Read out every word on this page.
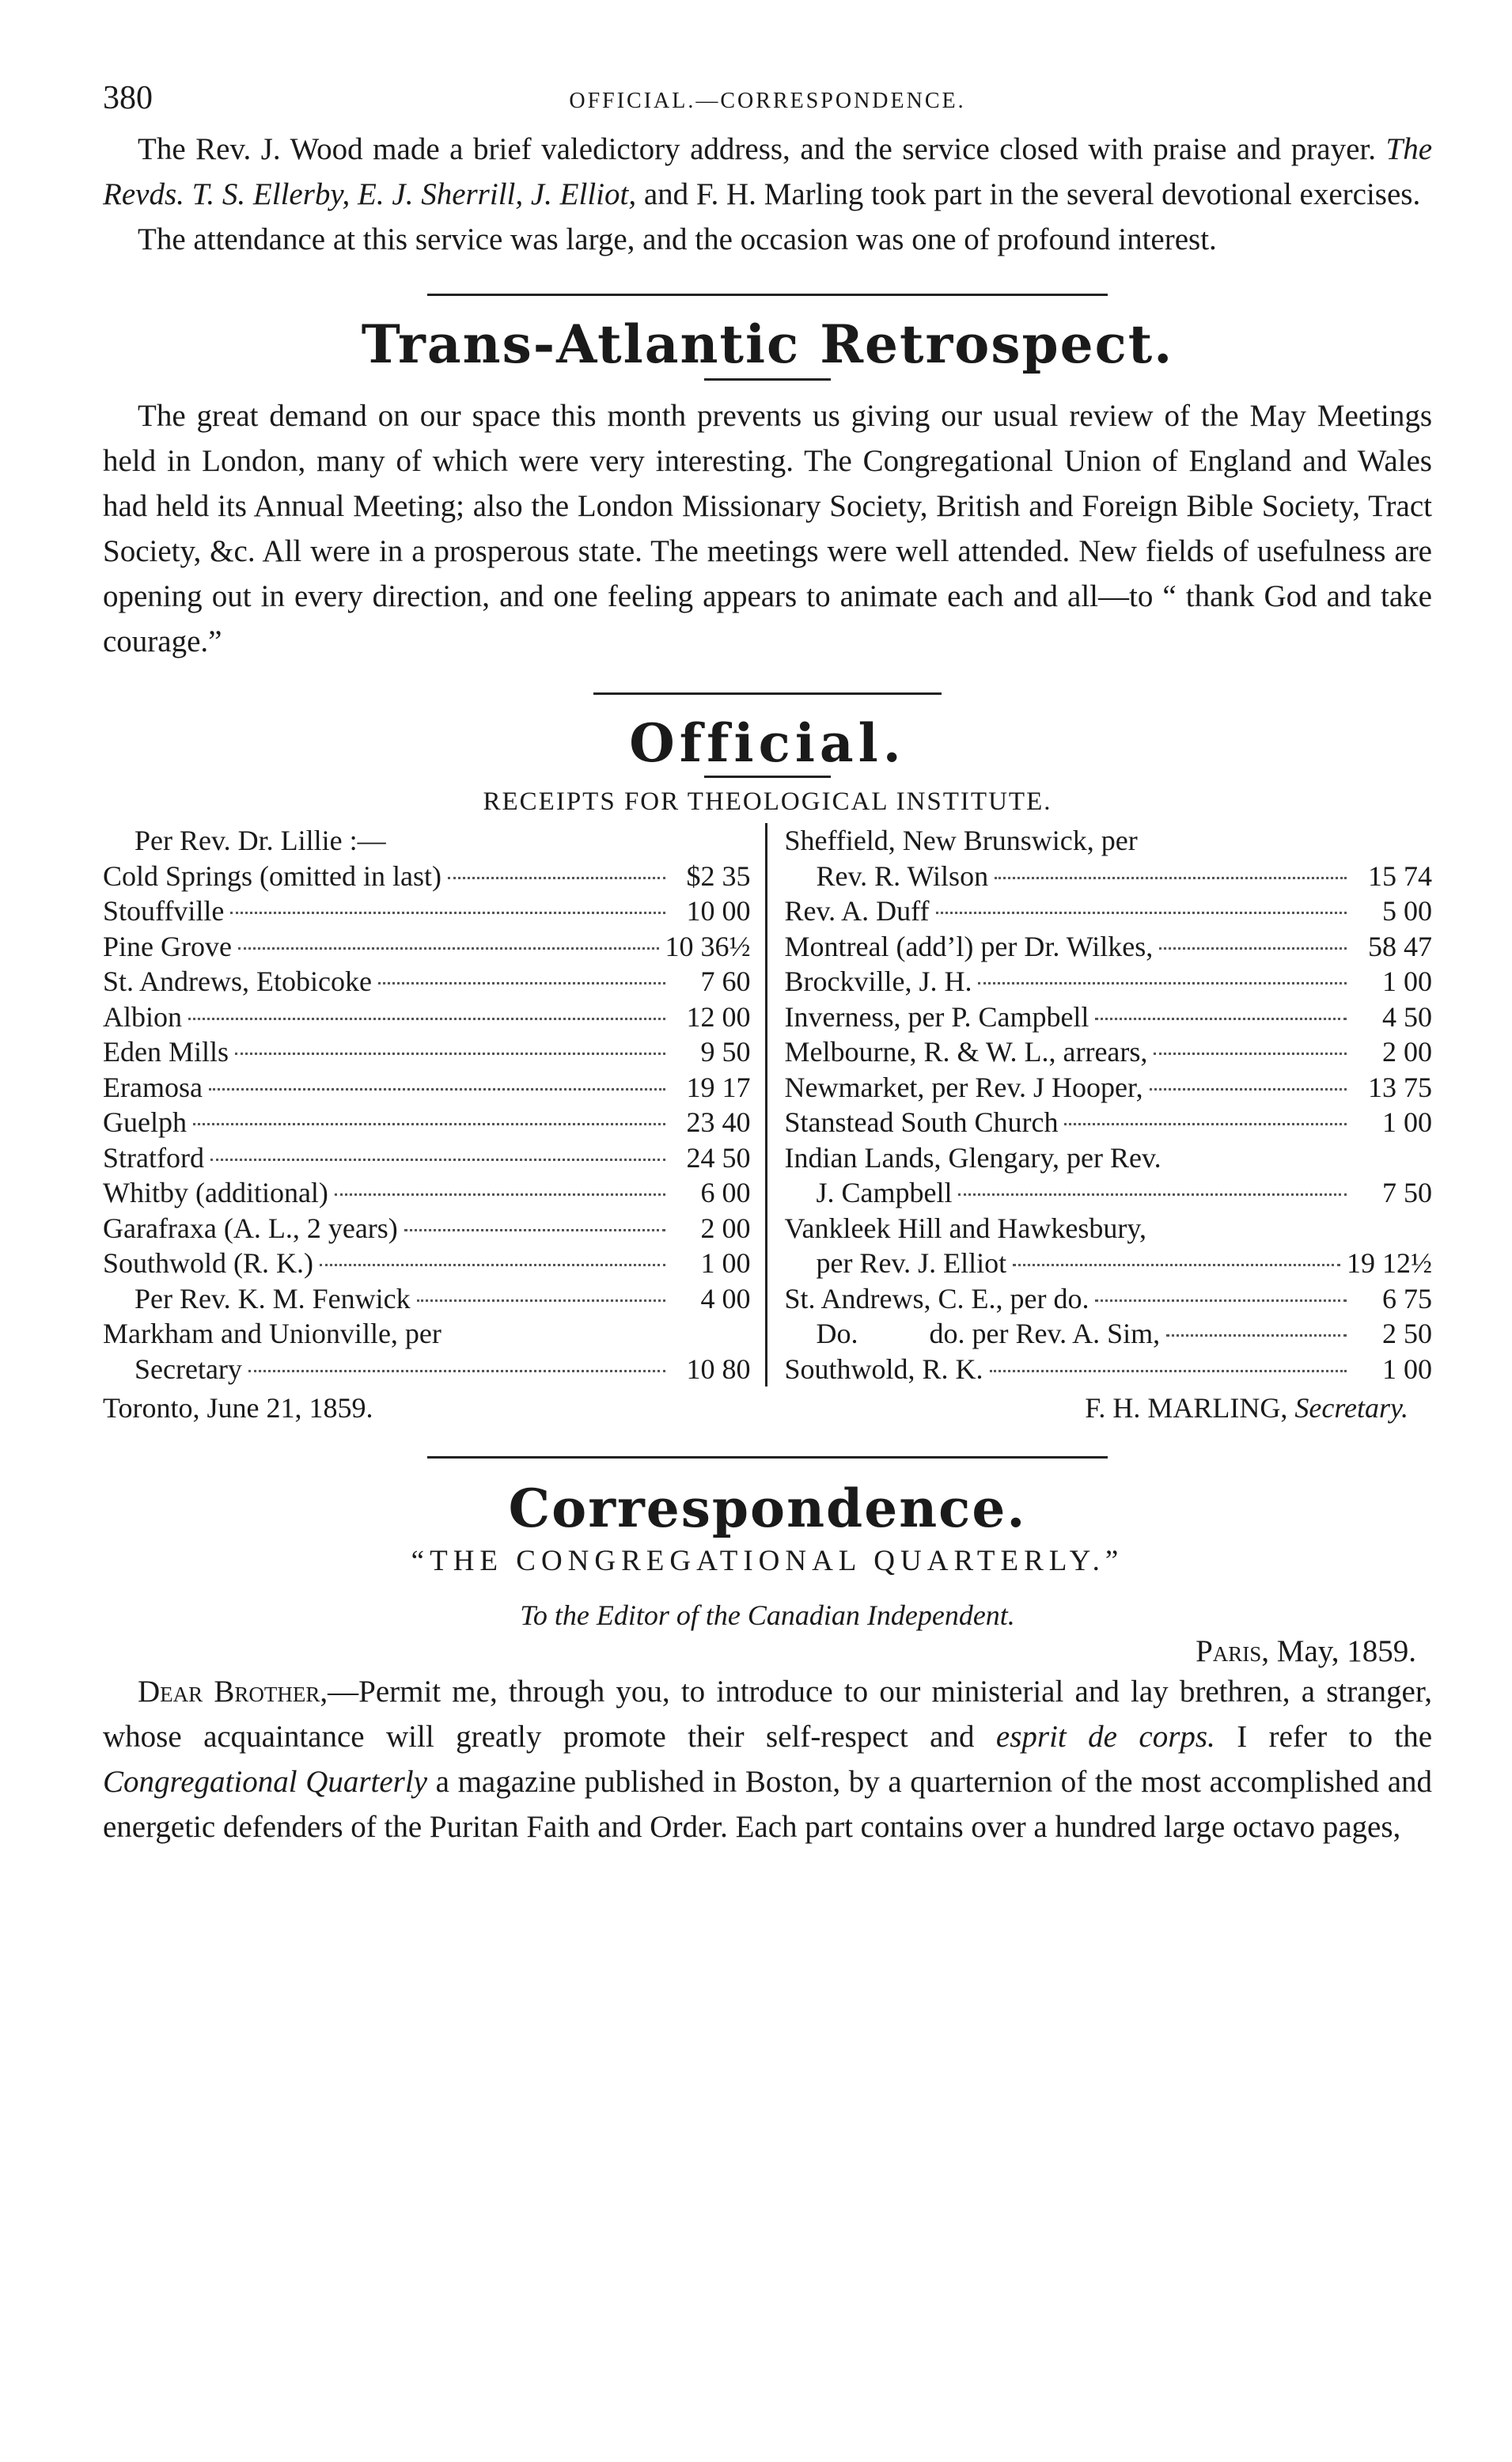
380	OFFICIAL.—CORRESPONDENCE.

The Rev. J. Wood made a brief valedictory address, and the service closed with praise and prayer. The Revds. T. S. Ellerby, E. J. Sherrill, J. Elliot, and F. H. Marling took part in the several devotional exercises.

The attendance at this service was large, and the occasion was one of profound interest.

Trans-Atlantic Retrospect.

The great demand on our space this month prevents us giving our usual review of the May Meetings held in London, many of which were very interesting. The Congregational Union of England and Wales had held its Annual Meeting; also the London Missionary Society, British and Foreign Bible Society, Tract Society, &c. All were in a prosperous state. The meetings were well attended. New fields of usefulness are opening out in every direction, and one feeling appears to animate each and all—to “ thank God and take courage.”

Official.

RECEIPTS FOR THEOLOGICAL INSTITUTE.

Per Rev. Dr. Lillie :—
Cold Springs (omitted in last)	$2 35
Stouffville	10 00
Pine Grove	10 36½
St. Andrews, Etobicoke	7 60
Albion	12 00
Eden Mills	9 50
Eramosa	19 17
Guelph	23 40
Stratford	24 50
Whitby (additional)	6 00
Garafraxa (A. L., 2 years)	2 00
Southwold (R. K.)	1 00
Per Rev. K. M. Fenwick	4 00
Markham and Unionville, per
Secretary	10 80
Sheffield, New Brunswick, per
Rev. R. Wilson	15 74
Rev. A. Duff	5 00
Montreal (add’l) per Dr. Wilkes,	58 47
Brockville, J. H.	1 00
Inverness, per P. Campbell	4 50
Melbourne, R. & W. L., arrears,	2 00
Newmarket, per Rev. J Hooper,	13 75
Stanstead South Church	1 00
Indian Lands, Glengary, per Rev.
J. Campbell	7 50
Vankleek Hill and Hawkesbury,
per Rev. J. Elliot	19 12½
St. Andrews, C. E., per do.	6 75
Do.          do. per Rev. A. Sim,	2 50
Southwold, R. K.	1 00
Toronto, June 21, 1859.	F. H. MARLING, Secretary.
Correspondence.

“THE CONGREGATIONAL QUARTERLY.”

To the Editor of the Canadian Independent.

Paris, May, 1859.

Dear Brother,—Permit me, through you, to introduce to our ministerial and lay brethren, a stranger, whose acquaintance will greatly promote their self-respect and esprit de corps. I refer to the Congregational Quarterly a magazine published in Boston, by a quarternion of the most accomplished and energetic defenders of the Puritan Faith and Order. Each part contains over a hundred large octavo pages,
